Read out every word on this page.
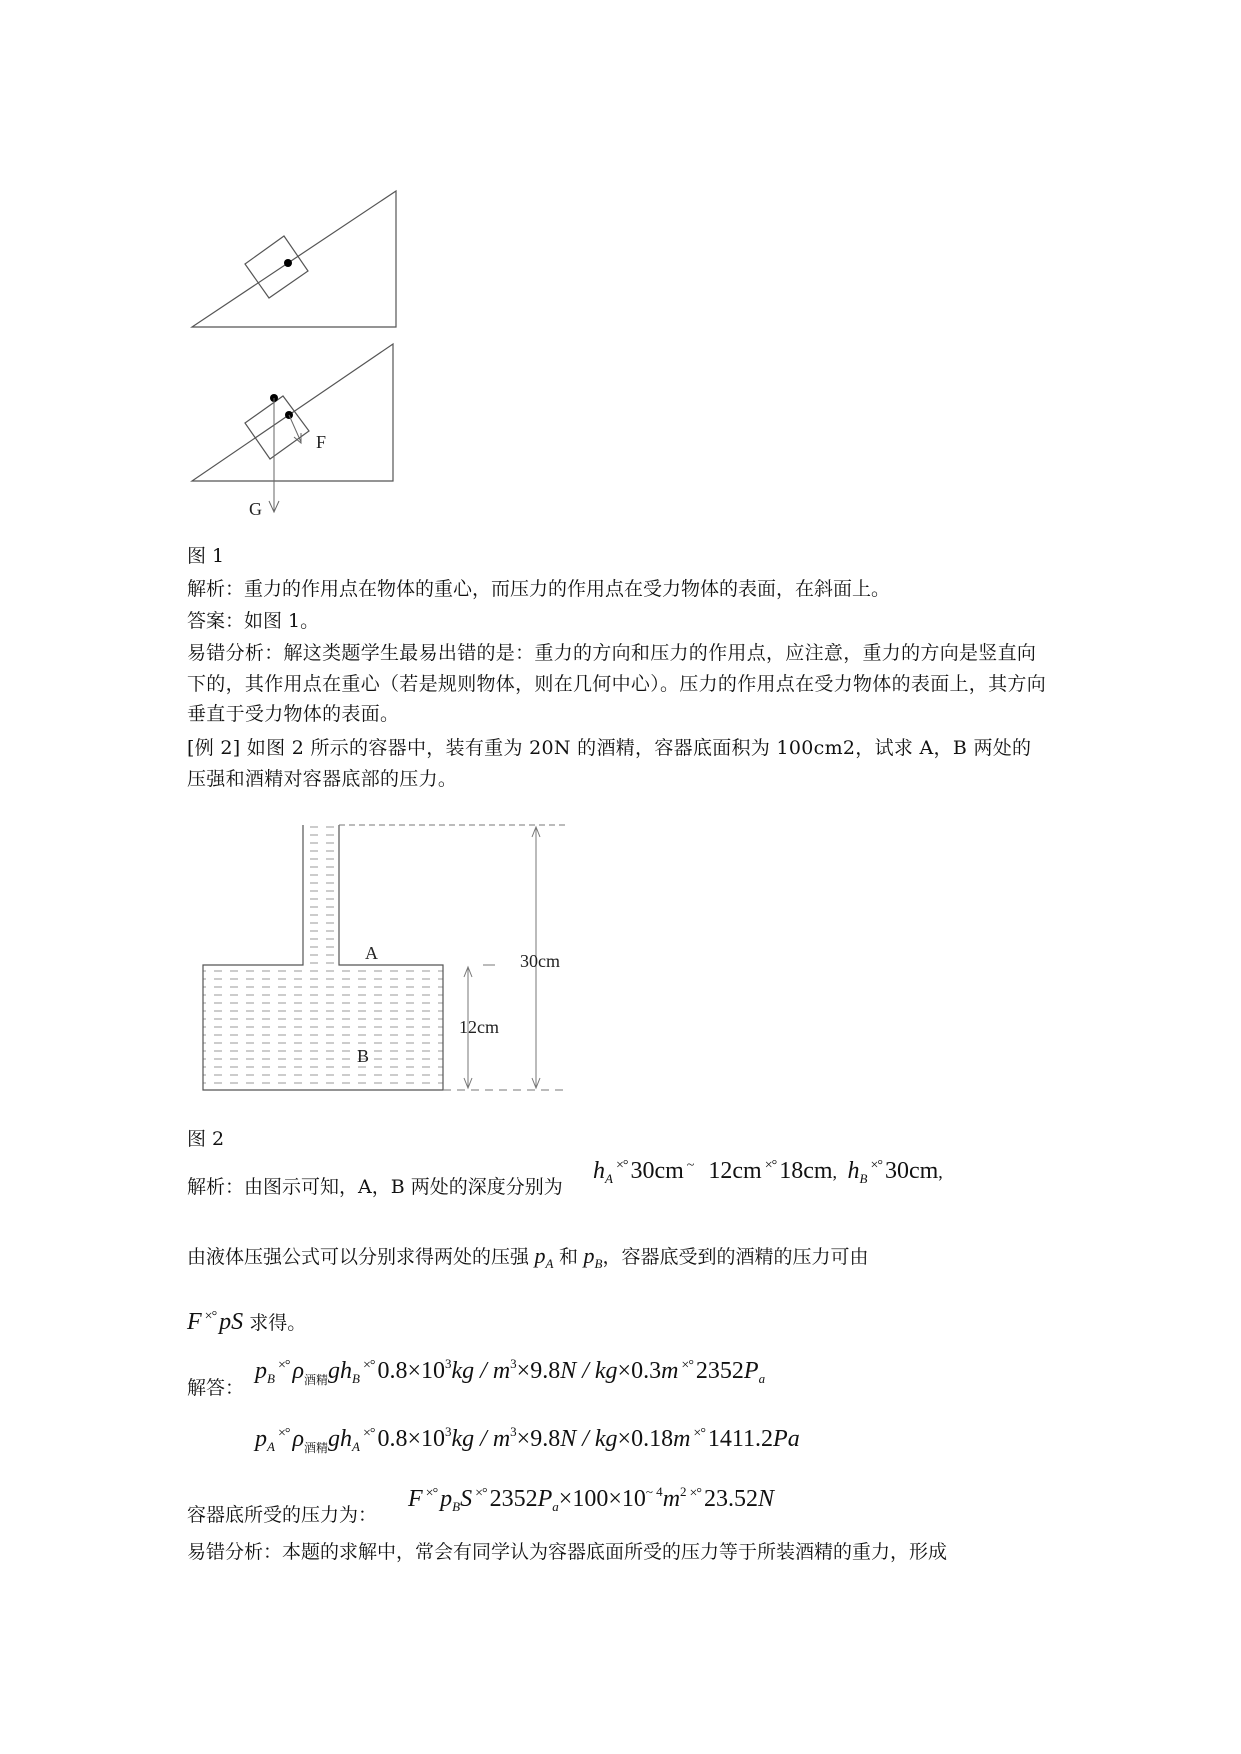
F
G
图 1
解析：重力的作用点在物体的重心，而压力的作用点在受力物体的表面，在斜面上。
答案：如图 1。
易错分析：解这类题学生最易出错的是：重力的方向和压力的作用点，应注意，重力的方向是竖直向下的，其作用点在重心（若是规则物体，则在几何中心）。压力的作用点在受力物体的表面上，其方向垂直于受力物体的表面。
[例 2] 如图 2 所示的容器中，装有重为 20N 的酒精，容器底面积为 100cm2，试求 A，B 两处的压强和酒精对容器底部的压力。
A
B
30cm
12cm
图 2
解析：由图示可知，A，B 两处的深度分别为
$h_A^{\times^\circ}$ 30cm ~ 12cm ×° 18cm,  $h_B^{\times^\circ}$ 30cm,
由液体压强公式可以分别求得两处的压强 $p_A$ 和 $p_B$，容器底受到的酒精的压力可由
F ×° pS 求得。
解答：
$p_B^{\times^\circ}$ $\rho_{酒精}gh_B^{\times^\circ}$ $0.8\times 10^3kg / m^3\times 9.8N / kg\times 0.3m$ ×° $2352P_a$
$p_A^{\times^\circ}$ $\rho_{酒精}gh_A^{\times^\circ}$ $0.8\times 10^3kg / m^3\times 9.8N / kg\times 0.18m$ ×° 1411.2Pa
容器底所受的压力为：
F ×° $p_BS$ ×° $2352P_a\times 100\times 10^{\sim 4}m^2$ ×° 23.52N
易错分析：本题的求解中，常会有同学认为容器底面所受的压力等于所装酒精的重力，形成
